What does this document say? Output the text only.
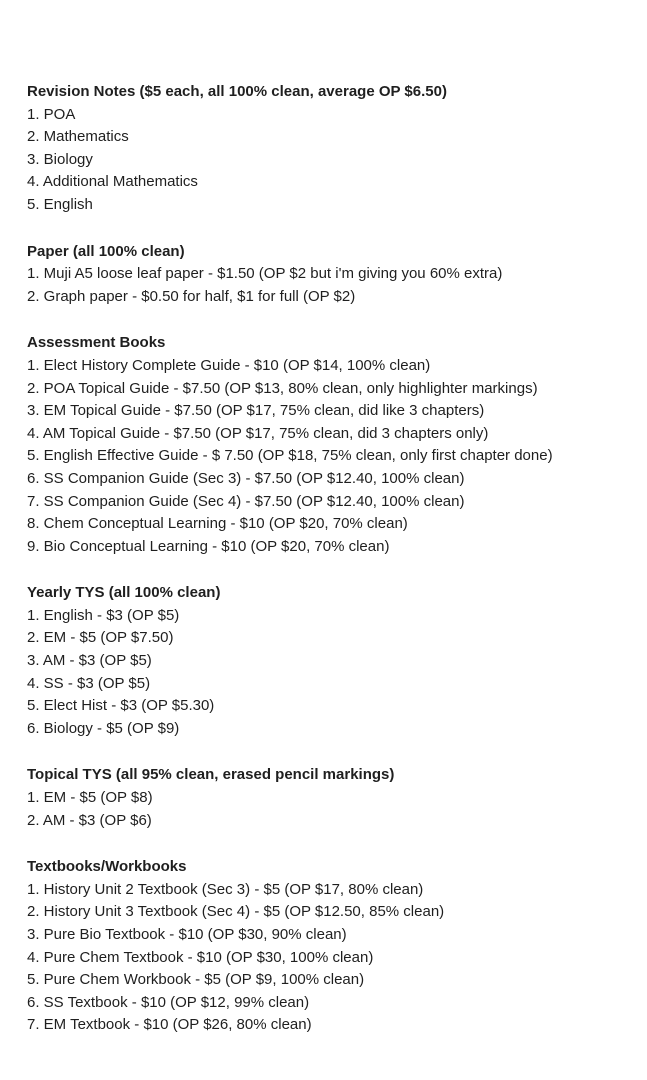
Revision Notes ($5 each, all 100% clean, average OP $6.50)
1. POA
2. Mathematics
3. Biology
4. Additional Mathematics
5. English
Paper (all 100% clean)
1. Muji A5 loose leaf paper - $1.50 (OP $2 but i'm giving you 60% extra)
2. Graph paper - $0.50 for half, $1 for full (OP $2)
Assessment Books
1. Elect History Complete Guide - $10 (OP $14, 100% clean)
2. POA Topical Guide - $7.50 (OP $13, 80% clean, only highlighter markings)
3. EM Topical Guide - $7.50 (OP $17, 75% clean, did like 3 chapters)
4. AM Topical Guide - $7.50 (OP $17, 75% clean, did 3 chapters only)
5. English Effective Guide - $ 7.50 (OP $18, 75% clean, only first chapter done)
6. SS Companion Guide (Sec 3) - $7.50 (OP $12.40, 100% clean)
7. SS Companion Guide (Sec 4) - $7.50 (OP $12.40, 100% clean)
8. Chem Conceptual Learning - $10 (OP $20, 70% clean)
9. Bio Conceptual Learning - $10 (OP $20, 70% clean)
Yearly TYS (all 100% clean)
1. English - $3 (OP $5)
2. EM - $5 (OP $7.50)
3. AM - $3 (OP $5)
4. SS - $3 (OP $5)
5. Elect Hist - $3 (OP $5.30)
6. Biology - $5 (OP $9)
Topical TYS (all 95% clean, erased pencil markings)
1. EM - $5 (OP $8)
2. AM - $3 (OP $6)
Textbooks/Workbooks
1. History Unit 2 Textbook (Sec 3) - $5 (OP $17, 80% clean)
2. History Unit 3 Textbook (Sec 4) - $5 (OP $12.50, 85% clean)
3. Pure Bio Textbook - $10 (OP $30, 90% clean)
4. Pure Chem Textbook - $10 (OP $30, 100% clean)
5. Pure Chem Workbook - $5 (OP $9, 100% clean)
6. SS Textbook - $10 (OP $12, 99% clean)
7. EM Textbook - $10 (OP $26, 80% clean)
